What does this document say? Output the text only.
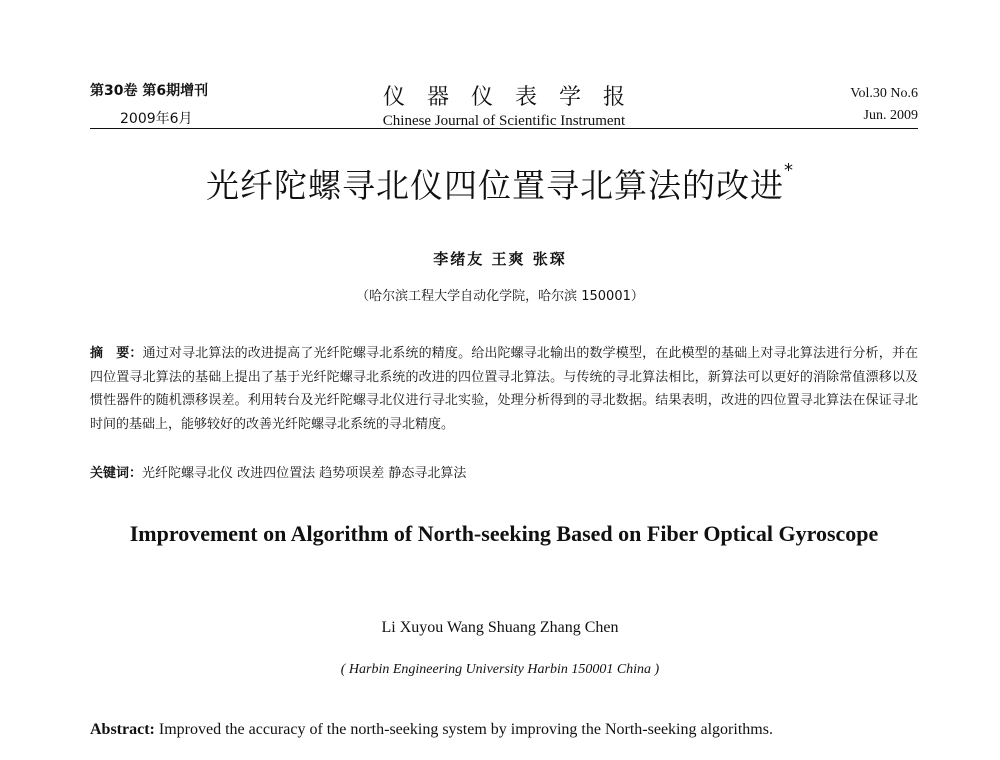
第30卷 第6期增刊
2009年6月
仪器仪表学报
Chinese Journal of Scientific Instrument
Vol.30 No.6
Jun. 2009
光纤陀螺寻北仪四位置寻北算法的改进*
李绪友 王爽 张琛
（哈尔滨工程大学自动化学院，哈尔滨 150001）
摘　要：通过对寻北算法的改进提高了光纤陀螺寻北系统的精度。给出陀螺寻北输出的数学模型，在此模型的基础上对寻北算法进行分析，并在四位置寻北算法的基础上提出了基于光纤陀螺寻北系统的改进的四位置寻北算法。与传统的寻北算法相比，新算法可以更好的消除常值漂移以及惯性器件的随机漂移误差。利用转台及光纤陀螺寻北仪进行寻北实验，处理分析得到的寻北数据。结果表明，改进的四位置寻北算法在保证寻北时间的基础上，能够较好的改善光纤陀螺寻北系统的寻北精度。
关键词：光纤陀螺寻北仪 改进四位置法 趋势项误差 静态寻北算法
Improvement on Algorithm of North-seeking Based on Fiber Optical Gyroscope
Li Xuyou Wang Shuang Zhang Chen
( Harbin Engineering University Harbin 150001 China )
Abstract: Improved the accuracy of the north-seeking system by improving the North-seeking algorithms.
